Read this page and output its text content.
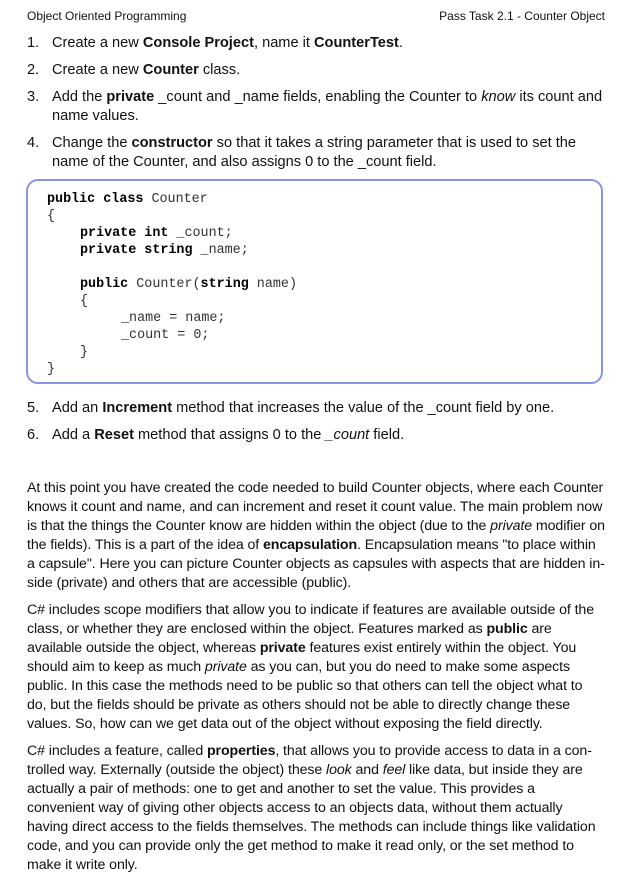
Object Oriented Programming	Pass Task 2.1 - Counter Object
1. Create a new Console Project, name it CounterTest.
2. Create a new Counter class.
3. Add the private _count and _name fields, enabling the Counter to know its count and name values.
4. Change the constructor so that it takes a string parameter that is used to set the name of the Counter, and also assigns 0 to the _count field.
public class Counter
{
private int _count;
private string _name;
public Counter(string name)
{
_name = name;
_count = 0;
}
}
5. Add an Increment method that increases the value of the _count field by one.
6. Add a Reset method that assigns 0 to the _count field.

At this point you have created the code needed to build Counter objects, where each Counter knows it count and name, and can increment and reset it count value. The main problem now is that the things the Counter know are hidden within the object (due to the private modifier on the fields). This is a part of the idea of encapsulation. Encapsulation means "to place within a capsule". Here you can picture Counter objects as capsules with aspects that are hidden inside (private) and others that are accessible (public).

C# includes scope modifiers that allow you to indicate if features are available outside of the class, or whether they are enclosed within the object. Features marked as public are available outside the object, whereas private features exist entirely within the object. You should aim to keep as much private as you can, but you do need to make some aspects public. In this case the methods need to be public so that others can tell the object what to do, but the fields should be private as others should not be able to directly change these values. So, how can we get data out of the object without exposing the field directly.

C# includes a feature, called properties, that allows you to provide access to data in a controlled way. Externally (outside the object) these look and feel like data, but inside they are actually a pair of methods: one to get and another to set the value. This provides a convenient way of giving other objects access to an objects data, without them actually having direct access to the fields themselves. The methods can include things like validation code, and you can provide only the get method to make it read only, or the set method to make it write only.
